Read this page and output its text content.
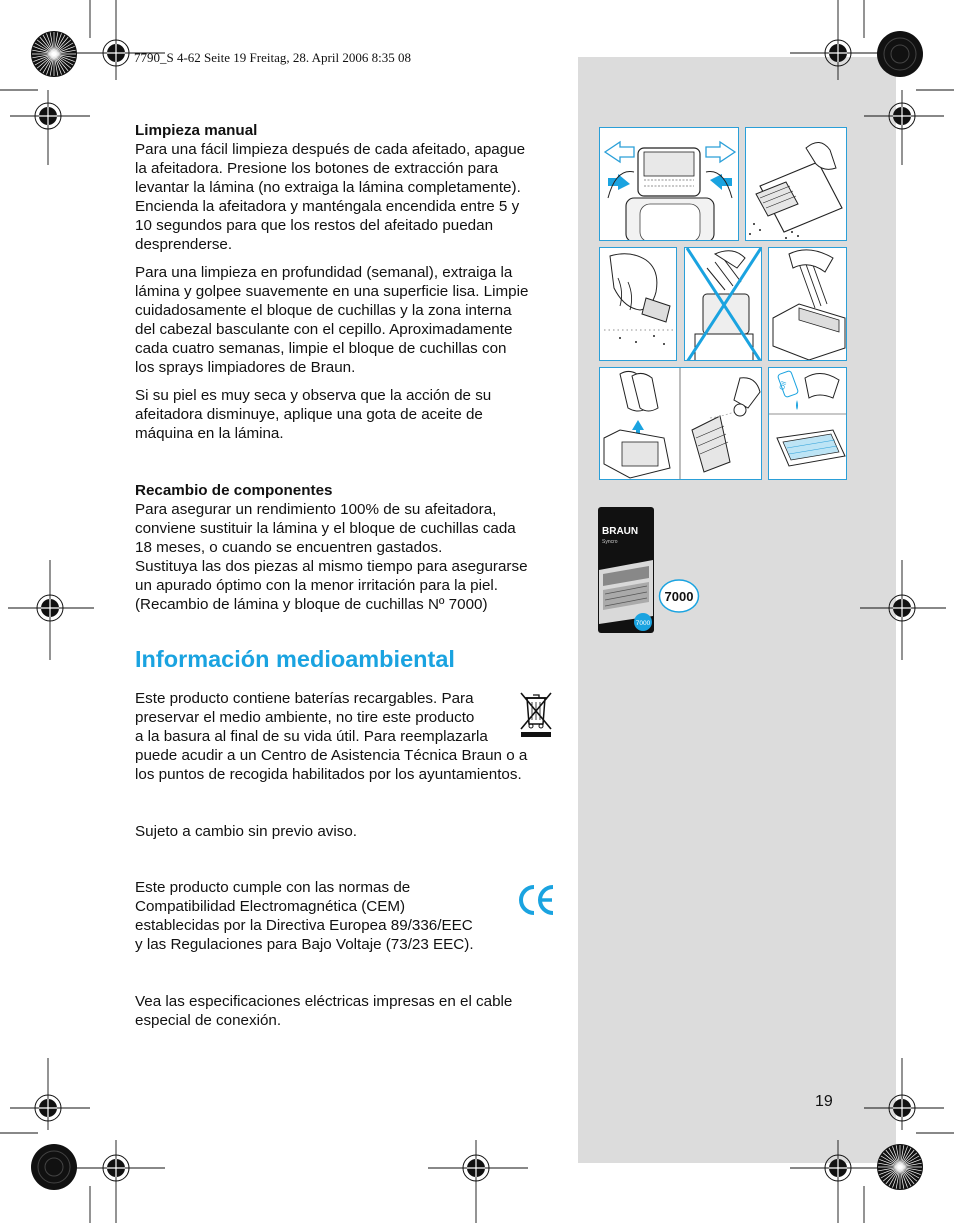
7790_S 4-62 Seite 19 Freitag, 28. April 2006 8:35 08

Limpieza manual

Para una fácil limpieza después de cada afeitado, apague

la afeitadora. Presione los botones de extracción para

levantar la lámina (no extraiga la lámina completamente).

Encienda la afeitadora y manténgala encendida entre 5 y

10 segundos para que los restos del afeitado puedan

desprenderse.

Para una limpieza en profundidad (semanal), extraiga la

lámina y golpee suavemente en una superficie lisa. Limpie

cuidadosamente el bloque de cuchillas y la zona interna

del cabezal basculante con el cepillo. Aproximadamente

cada cuatro semanas, limpie el bloque de cuchillas con

los sprays limpiadores de Braun.

Si su piel es muy seca y observa que la acción de su

afeitadora disminuye, aplique una gota de aceite de

máquina en la lámina.

Recambio de componentes

Para asegurar un rendimiento 100% de su afeitadora,

conviene sustituir la lámina y el bloque de cuchillas cada

18 meses, o cuando se encuentren gastados.

Sustituya las dos piezas al mismo tiempo para asegurarse

un apurado óptimo con la menor irritación para la piel.

(Recambio de lámina y bloque de cuchillas Nº 7000)

Información medioambiental

Este producto contiene baterías recargables. Para

preservar el medio ambiente, no tire este producto

a la basura al final de su vida útil. Para reemplazarla

puede acudir a un Centro de Asistencia Técnica Braun o a

los puntos de recogida habilitados por los ayuntamientos.

Sujeto a cambio sin previo aviso.

Este producto cumple con las normas de

Compatibilidad Electromagnética (CEM)

establecidas por la Directiva Europea 89/336/EEC

y las Regulaciones para Bajo Voltaje (73/23 EEC).

Vea las especificaciones eléctricas impresas en el cable

especial de conexión.

19
Oil
BRAUN
Syncro
7000
7000
